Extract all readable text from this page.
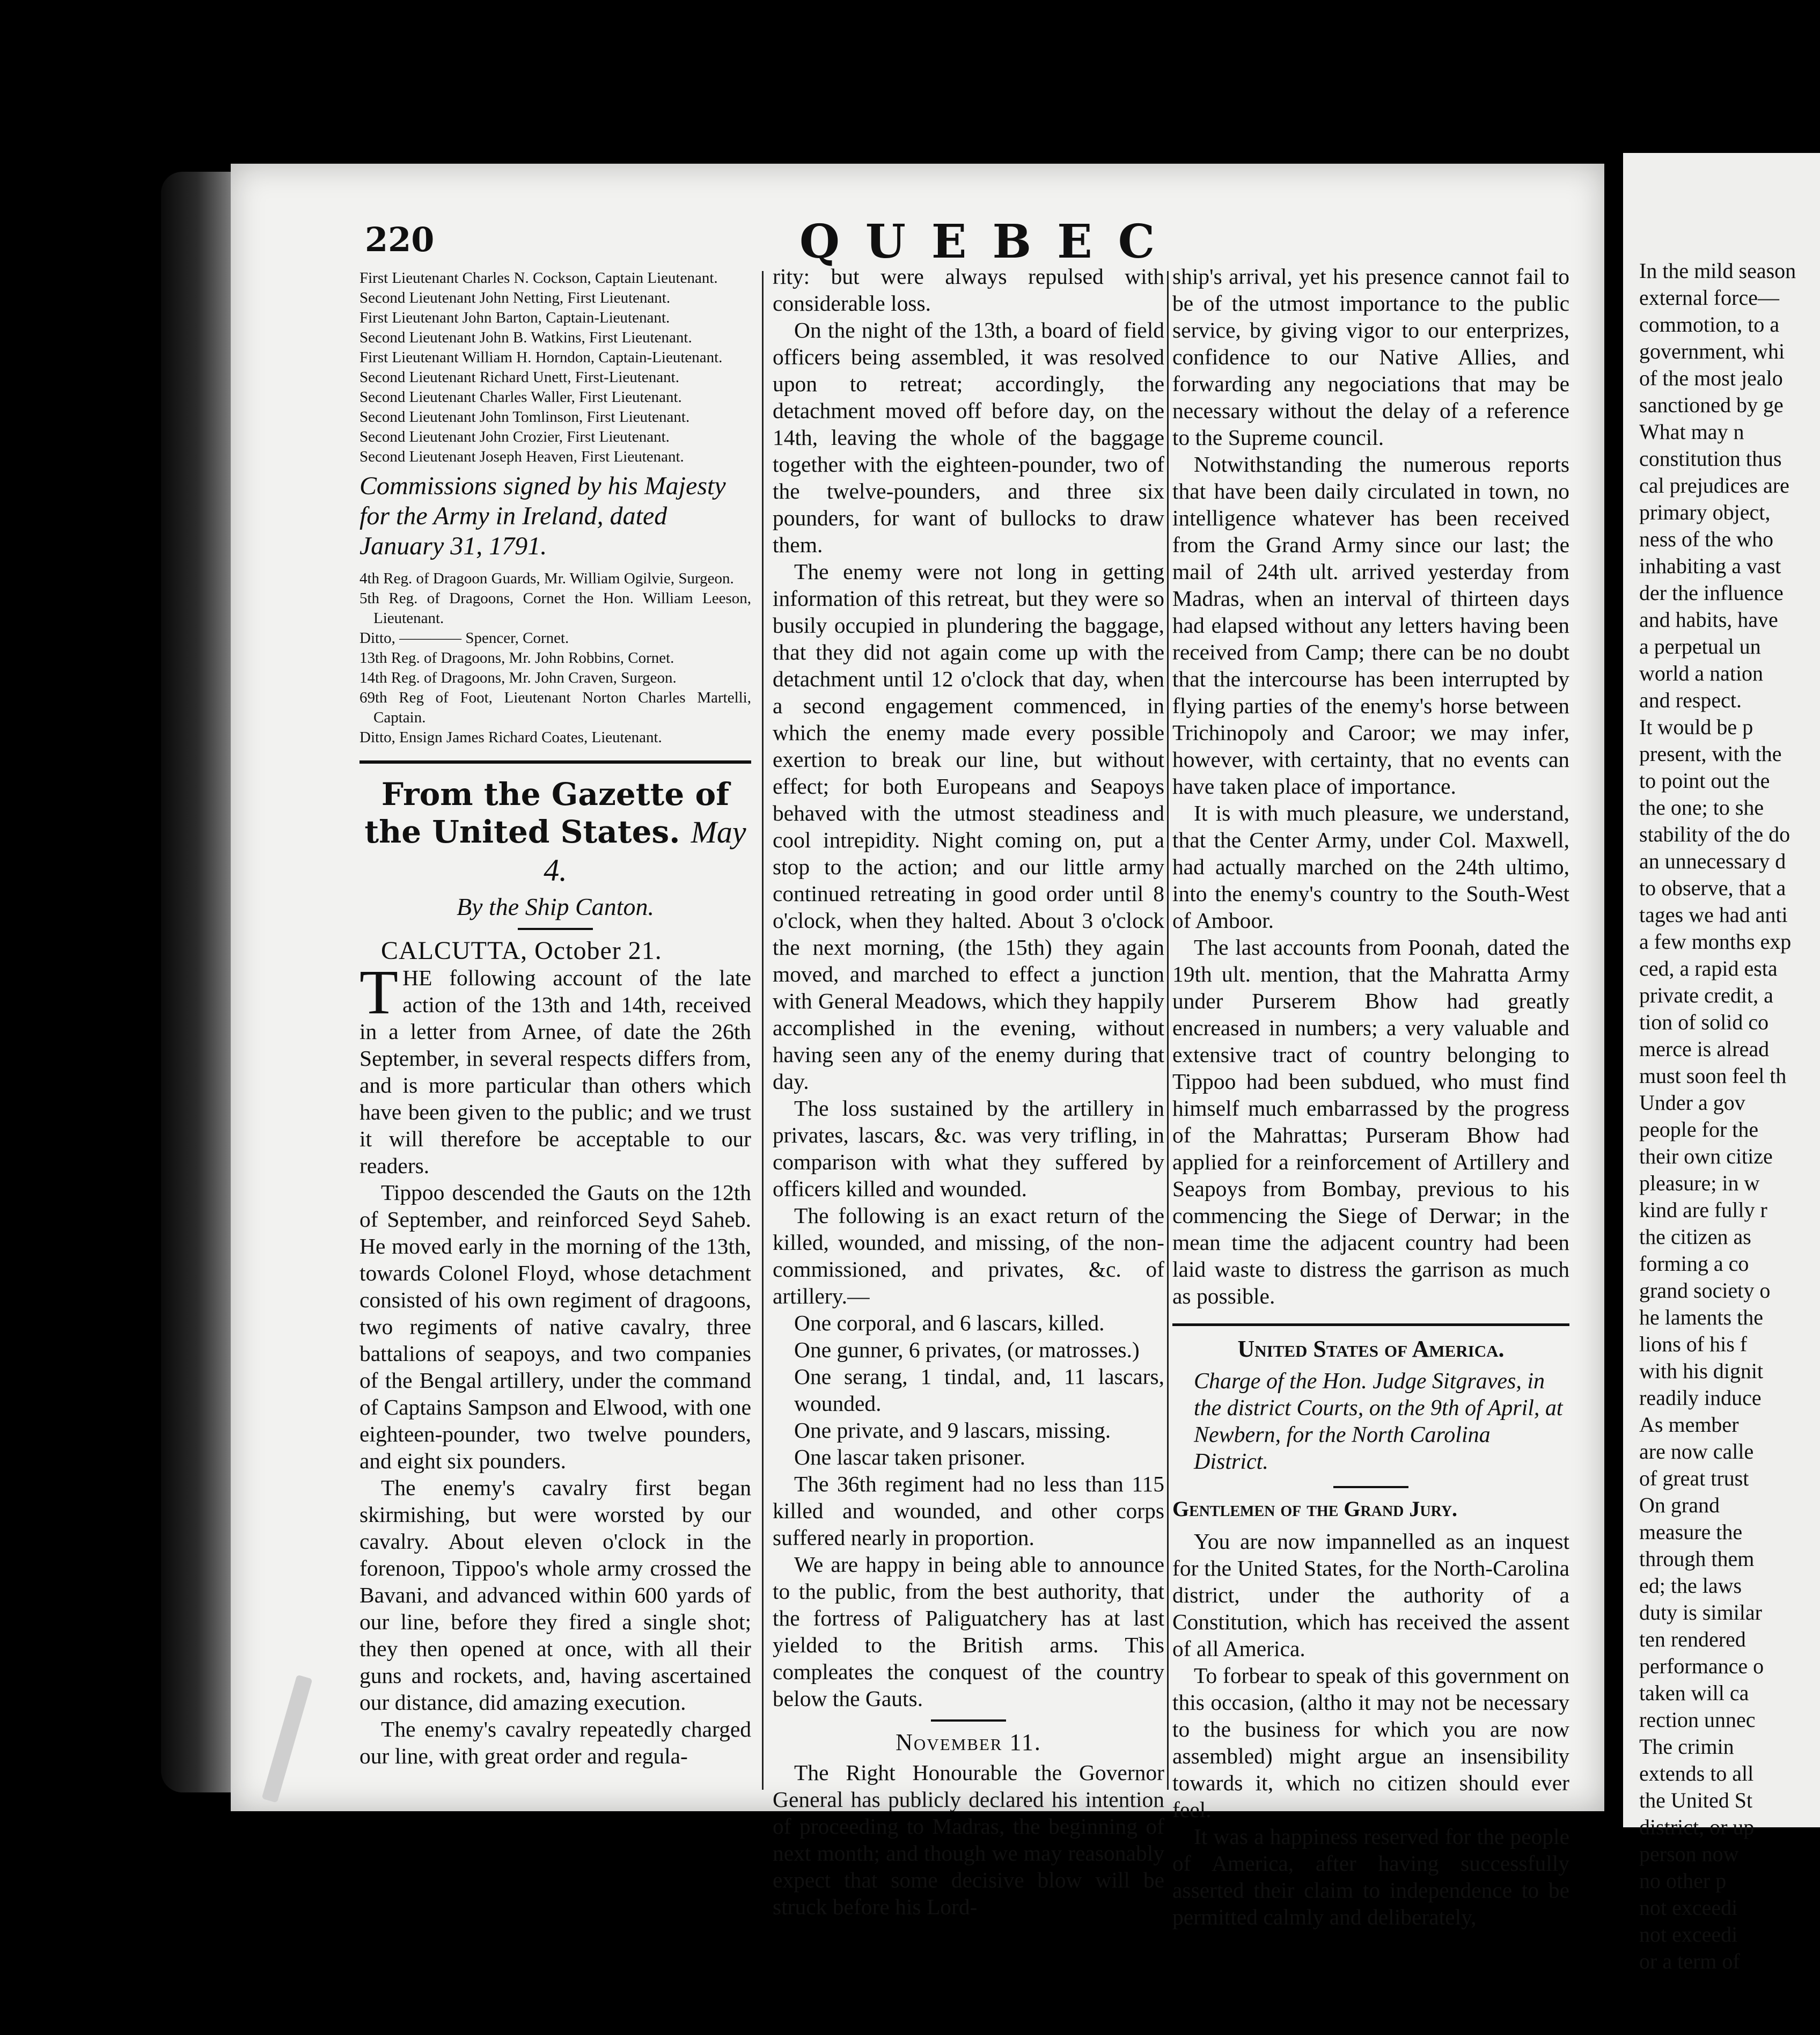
220	QUEBEC

First Lieutenant Charles N. Cockson, Captain Lieutenant.

Second Lieutenant John Netting, First Lieutenant.

First Lieutenant John Barton, Captain-Lieutenant.

Second Lieutenant John B. Watkins, First Lieutenant.

First Lieutenant William H. Horndon, Captain-Lieutenant.

Second Lieutenant Richard Unett, First-Lieutenant.

Second Lieutenant Charles Waller, First Lieutenant.

Second Lieutenant John Tomlinson, First Lieutenant.

Second Lieutenant John Crozier, First Lieutenant.

Second Lieutenant Joseph Heaven, First Lieutenant.

Commissions signed by his Majesty for the Army in Ireland, dated January 31, 1791.

4th Reg. of Dragoon Guards, Mr. William Ogilvie, Surgeon.

5th Reg. of Dragoons, Cornet the Hon. William Leeson, Lieutenant.

Ditto, ———— Spencer, Cornet.

13th Reg. of Dragoons, Mr. John Robbins, Cornet.

14th Reg. of Dragoons, Mr. John Craven, Surgeon.

69th Reg of Foot, Lieutenant Norton Charles Martelli, Captain.

Ditto, Ensign James Richard Coates, Lieutenant.

From the Gazette of the United States. May 4.

By the Ship Canton.

CALCUTTA, October 21.

THE following account of the late action of the 13th and 14th, received in a letter from Arnee, of date the 26th September, in several respects differs from, and is more particular than others which have been given to the public; and we trust it will therefore be acceptable to our readers.

Tippoo descended the Gauts on the 12th of September, and reinforced Seyd Saheb. He moved early in the morning of the 13th, towards Colonel Floyd, whose detachment consisted of his own regiment of dragoons, two regiments of native cavalry, three battalions of seapoys, and two companies of the Bengal artillery, under the command of Captains Sampson and Elwood, with one eighteen-pounder, two twelve pounders, and eight six pounders.

The enemy's cavalry first began skirmishing, but were worsted by our cavalry. About eleven o'clock in the forenoon, Tippoo's whole army crossed the Bavani, and advanced within 600 yards of our line, before they fired a single shot; they then opened at once, with all their guns and rockets, and, having ascertained our distance, did amazing execution.

The enemy's cavalry repeatedly charged our line, with great order and regula-

rity: but were always repulsed with considerable loss.

On the night of the 13th, a board of field officers being assembled, it was resolved upon to retreat; accordingly, the detachment moved off before day, on the 14th, leaving the whole of the baggage together with the eighteen-pounder, two of the twelve-pounders, and three six pounders, for want of bullocks to draw them.

The enemy were not long in getting information of this retreat, but they were so busily occupied in plundering the baggage, that they did not again come up with the detachment until 12 o'clock that day, when a second engagement commenced, in which the enemy made every possible exertion to break our line, but without effect; for both Europeans and Seapoys behaved with the utmost steadiness and cool intrepidity. Night coming on, put a stop to the action; and our little army continued retreating in good order until 8 o'clock, when they halted. About 3 o'clock the next morning, (the 15th) they again moved, and marched to effect a junction with General Meadows, which they happily accomplished in the evening, without having seen any of the enemy during that day.

The loss sustained by the artillery in privates, lascars, &c. was very trifling, in comparison with what they suffered by officers killed and wounded.

The following is an exact return of the killed, wounded, and missing, of the non-commissioned, and privates, &c. of artillery.—

One corporal, and 6 lascars, killed.

One gunner, 6 privates, (or matrosses.)

One serang, 1 tindal, and, 11 lascars, wounded.

One private, and 9 lascars, missing.

One lascar taken prisoner.

The 36th regiment had no less than 115 killed and wounded, and other corps suffered nearly in proportion.

We are happy in being able to announce to the public, from the best authority, that the fortress of Paliguatchery has at last yielded to the British arms. This compleates the conquest of the country below the Gauts.

November 11.

The Right Honourable the Governor General has publicly declared his intention of proceeding to Madras, the beginning of next month; and though we may reasonably expect that some decisive blow will be struck before his Lord-

ship's arrival, yet his presence cannot fail to be of the utmost importance to the public service, by giving vigor to our enterprizes, confidence to our Native Allies, and forwarding any negociations that may be necessary without the delay of a reference to the Supreme council.

Notwithstanding the numerous reports that have been daily circulated in town, no intelligence whatever has been received from the Grand Army since our last; the mail of 24th ult. arrived yesterday from Madras, when an interval of thirteen days had elapsed without any letters having been received from Camp; there can be no doubt that the intercourse has been interrupted by flying parties of the enemy's horse between Trichinopoly and Caroor; we may infer, however, with certainty, that no events can have taken place of importance.

It is with much pleasure, we understand, that the Center Army, under Col. Maxwell, had actually marched on the 24th ultimo, into the enemy's country to the South-West of Amboor.

The last accounts from Poonah, dated the 19th ult. mention, that the Mahratta Army under Purserem Bhow had greatly encreased in numbers; a very valuable and extensive tract of country belonging to Tippoo had been subdued, who must find himself much embarrassed by the progress of the Mahrattas; Purseram Bhow had applied for a reinforcement of Artillery and Seapoys from Bombay, previous to his commencing the Siege of Derwar; in the mean time the adjacent country had been laid waste to distress the garrison as much as possible.

United States of America.

Charge of the Hon. Judge Sitgraves, in the district Courts, on the 9th of April, at Newbern, for the North Carolina District.

Gentlemen of the Grand Jury.

You are now impannelled as an inquest for the United States, for the North-Carolina district, under the authority of a Constitution, which has received the assent of all America.

To forbear to speak of this government on this occasion, (altho it may not be necessary to the business for which you are now assembled) might argue an insensibility towards it, which no citizen should ever feel.

It was a happiness reserved for the people of America, after having successfully asserted their claim to independence to be permitted calmly and deliberately,

In the mild season

external force—

commotion, to a

government, whi

of the most jealo

sanctioned by ge

What may n

constitution thus

cal prejudices are

primary object,

ness of the who

inhabiting a vast

der the influence

and habits, have

a perpetual un

world a nation

and respect.

It would be p

present, with the

to point out the

the one; to she

stability of the do

an unnecessary d

to observe, that a

tages we had anti

a few months exp

ced, a rapid esta

private credit, a

tion of solid co

merce is alread

must soon feel th

Under a gov

people for the

their own citize

pleasure; in w

kind are fully r

the citizen as

forming a co

grand society o

he laments the

lions of his f

with his dignit

readily induce

As member

are now calle

of great trust

On grand

measure the

through them

ed; the laws

duty is similar

ten rendered

performance o

taken will ca

rection unnec

The crimin

extends to all

the United St

district, or up

person now

no other p

not exceedi

not exceedi

or a term of
